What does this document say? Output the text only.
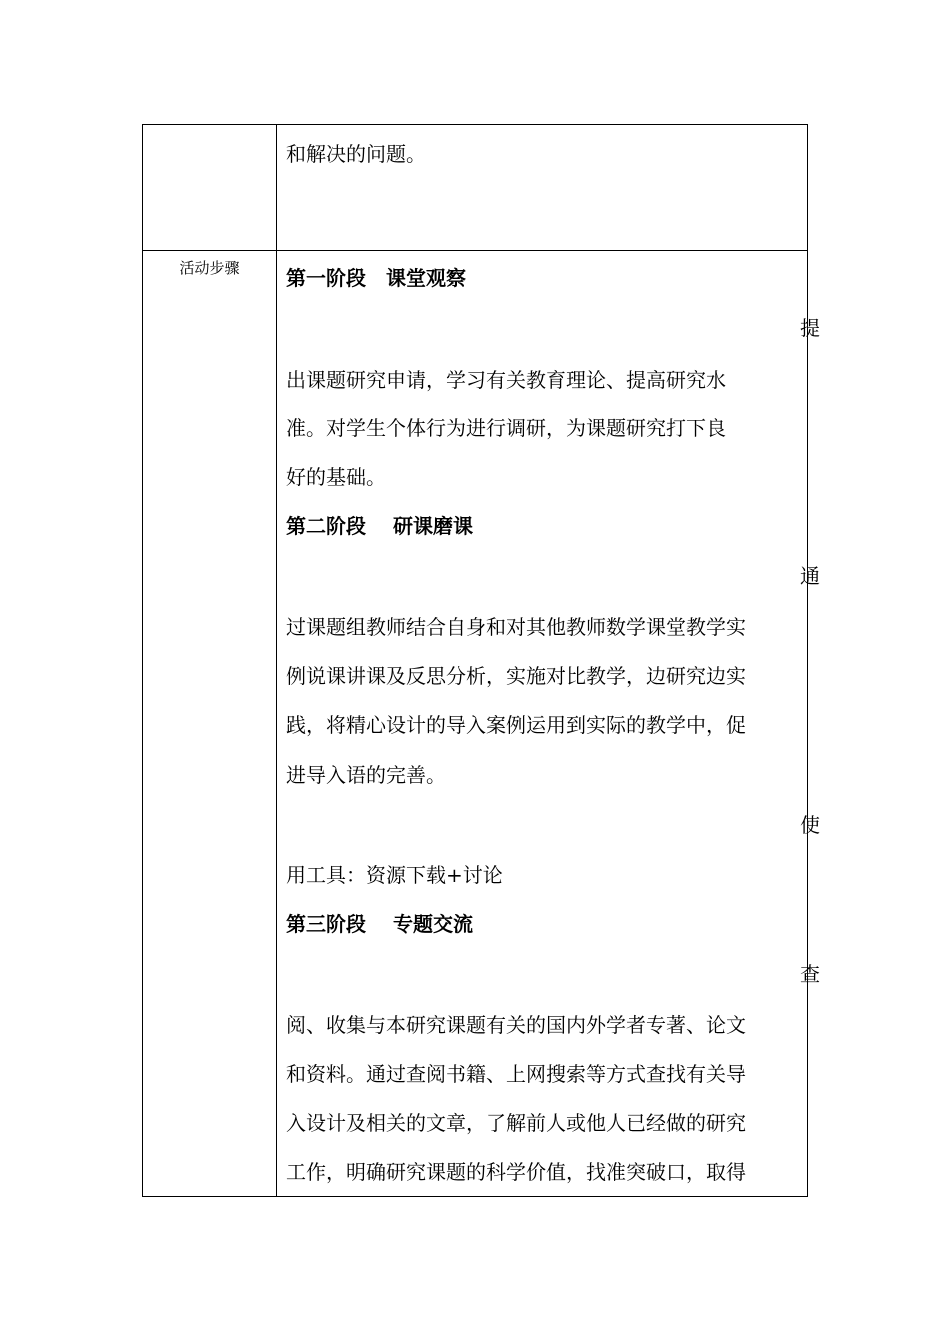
和解决的问题。
活动步骤	第一阶段　课堂观察
提
出课题研究申请，学习有关教育理论、提高研究水
准。对学生个体行为进行调研，为课题研究打下良
好的基础。
第二阶段　 研课磨课
通
过课题组教师结合自身和对其他教师数学课堂教学实
例说课讲课及反思分析，实施对比教学，边研究边实
践，将精心设计的导入案例运用到实际的教学中，促
进导入语的完善。
使
用工具：资源下载+讨论
第三阶段　 专题交流
查
阅、收集与本研究课题有关的国内外学者专著、论文
和资料。通过查阅书籍、上网搜索等方式查找有关导
入设计及相关的文章，了解前人或他人已经做的研究
工作，明确研究课题的科学价值，找准突破口，取得
